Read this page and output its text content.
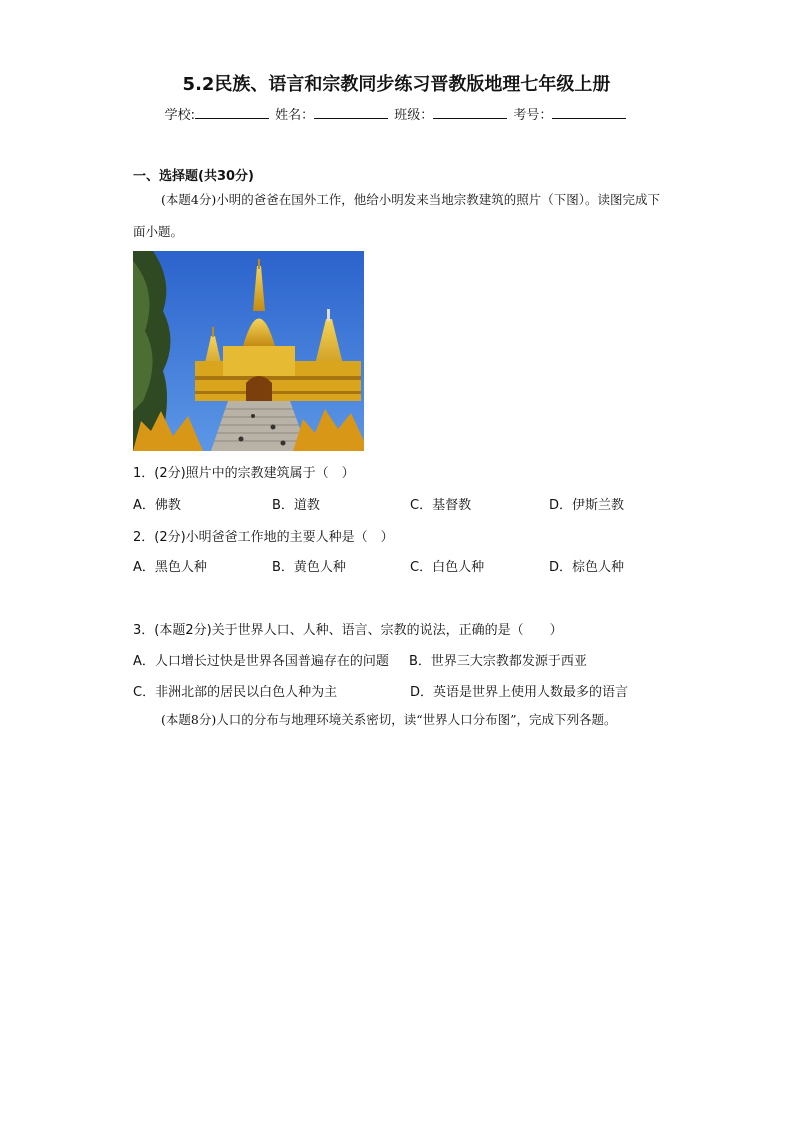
5.2民族、语言和宗教同步练习晋教版地理七年级上册
学校:	姓名：	班级：	考号：
一、选择题(共30分)
(本题4分)小明的爸爸在国外工作，他给小明发来当地宗教建筑的照片（下图）。读图完成下面小题。
1．(2分)照片中的宗教建筑属于（　）
A．佛教	B．道教	C．基督教	D．伊斯兰教
2．(2分)小明爸爸工作地的主要人种是（　）
A．黑色人种	B．黄色人种	C．白色人种	D．棕色人种
3．(本题2分)关于世界人口、人种、语言、宗教的说法，正确的是（　　）
A．人口增长过快是世界各国普遍存在的问题 B．世界三大宗教都发源于西亚
C．非洲北部的居民以白色人种为主	D．英语是世界上使用人数最多的语言
(本题8分)人口的分布与地理环境关系密切，读“世界人口分布图”，完成下列各题。
